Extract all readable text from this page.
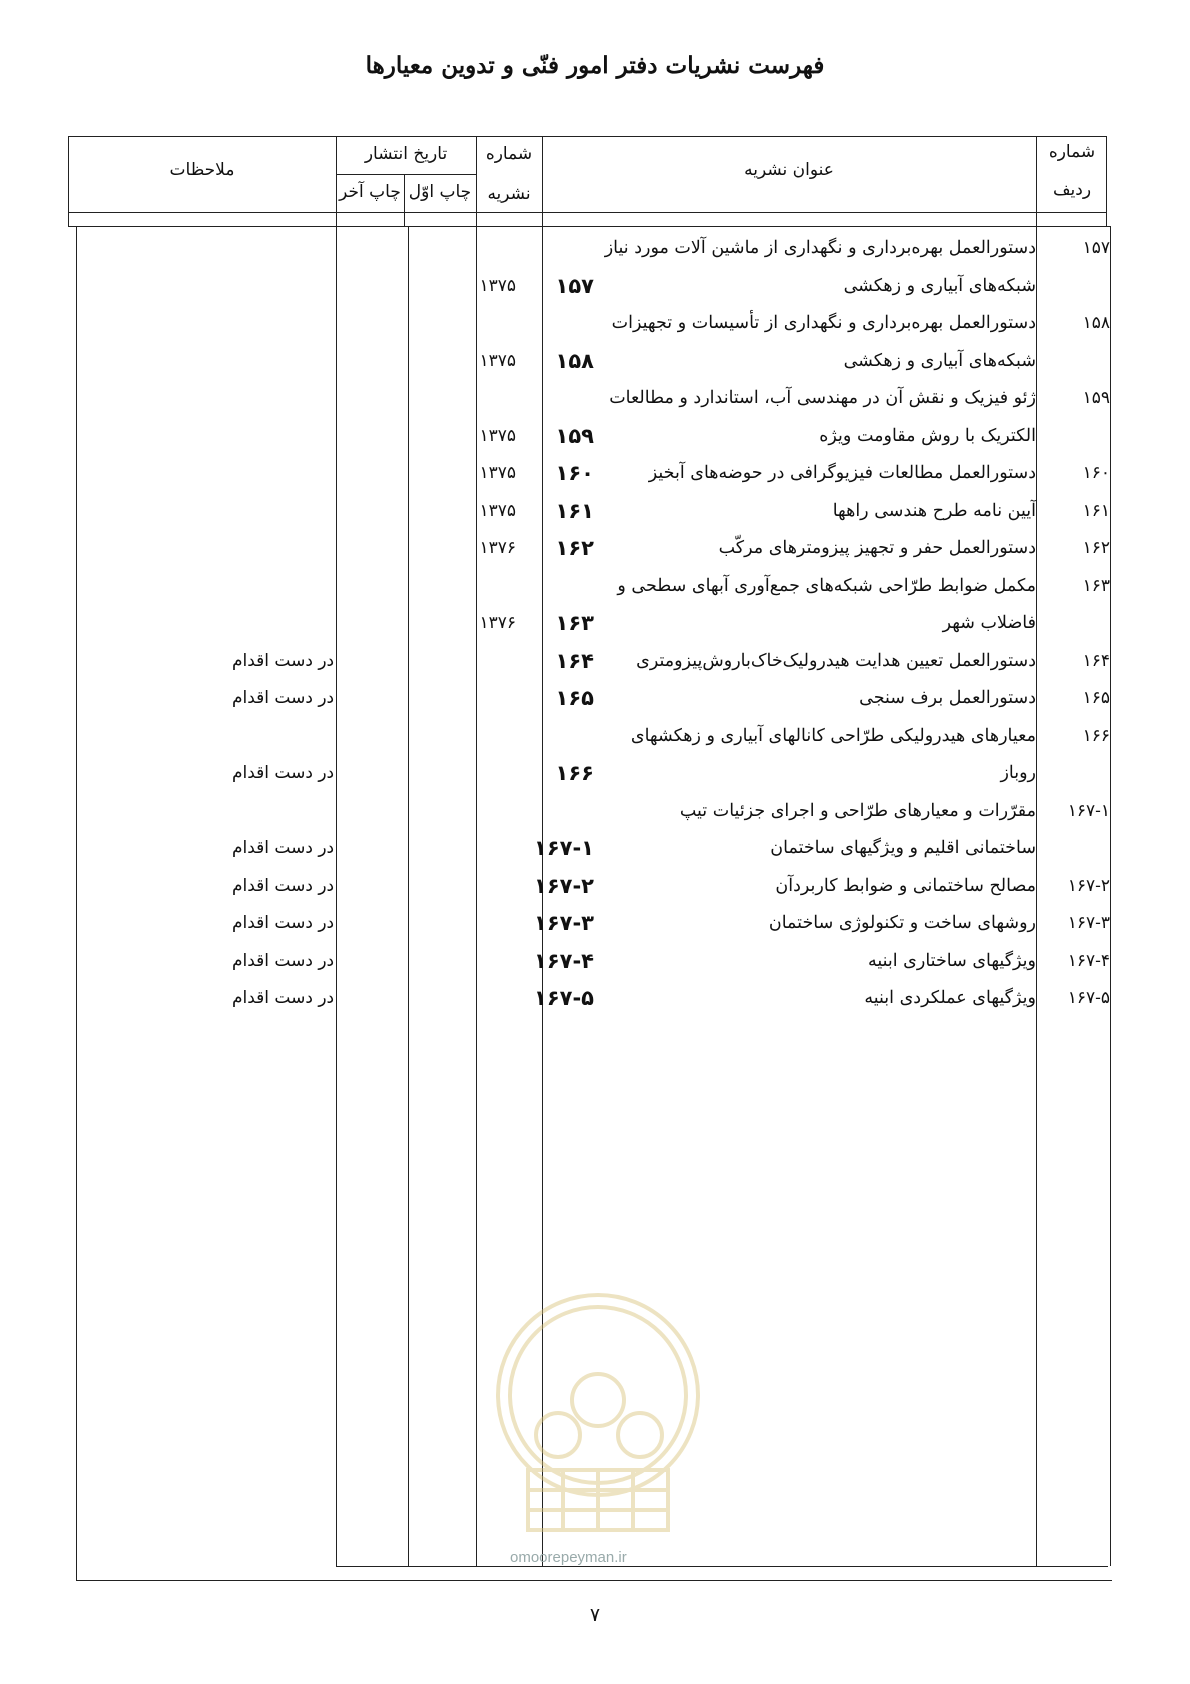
فهرست نشریات دفتر امور فنّی و تدوین معیارها
شماره
ردیف
عنوان نشریه
شماره
نشریه
تاریخ انتشار
چاپ اوّل
چاپ آخر
ملاحظات
۱۵۷
دستورالعمل بهره‌برداری و نگهداری از ماشین آلات مورد نیاز
شبکه‌های آبیاری و زهکشی
۱۵۷
۱۳۷۵
۱۵۸
دستورالعمل بهره‌برداری و نگهداری از تأسیسات و تجهیزات
شبکه‌های آبیاری و زهکشی
۱۵۸
۱۳۷۵
۱۵۹
ژئو فیزیک و نقش آن در مهندسی آب، استاندارد و مطالعات
الکتریک با روش مقاومت ویژه
۱۵۹
۱۳۷۵
۱۶۰
دستورالعمل مطالعات فیزیوگرافی در حوضه‌های آبخیز
۱۶۰
۱۳۷۵
۱۶۱
آیین نامه طرح هندسی راهها
۱۶۱
۱۳۷۵
۱۶۲
دستورالعمل حفر و تجهیز پیزومترهای مرکّب
۱۶۲
۱۳۷۶
۱۶۳
مکمل ضوابط طرّاحی شبکه‌های جمع‌آوری آبهای سطحی و
فاضلاب شهر
۱۶۳
۱۳۷۶
۱۶۴
دستورالعمل تعیین هدایت هیدرولیک‌خاک‌باروش‌پیزومتری
۱۶۴
در دست اقدام
۱۶۵
دستورالعمل برف سنجی
۱۶۵
در دست اقدام
۱۶۶
معیارهای هیدرولیکی طرّاحی کانالهای آبیاری و زهکشهای
روباز
۱۶۶
در دست اقدام
۱۶۷-۱
مقرّرات و معیارهای طرّاحی و اجرای جزئیات تیپ
ساختمانی اقلیم و ویژگیهای ساختمان
۱۶۷-۱
در دست اقدام
۱۶۷-۲
مصالح ساختمانی و ضوابط کاربردآن
۱۶۷-۲
در دست اقدام
۱۶۷-۳
روشهای ساخت و تکنولوژی ساختمان
۱۶۷-۳
در دست اقدام
۱۶۷-۴
ویژگیهای ساختاری ابنیه
۱۶۷-۴
در دست اقدام
۱۶۷-۵
ویژگیهای عملکردی ابنیه
۱۶۷-۵
در دست اقدام
omoorepeyman.ir
۷
